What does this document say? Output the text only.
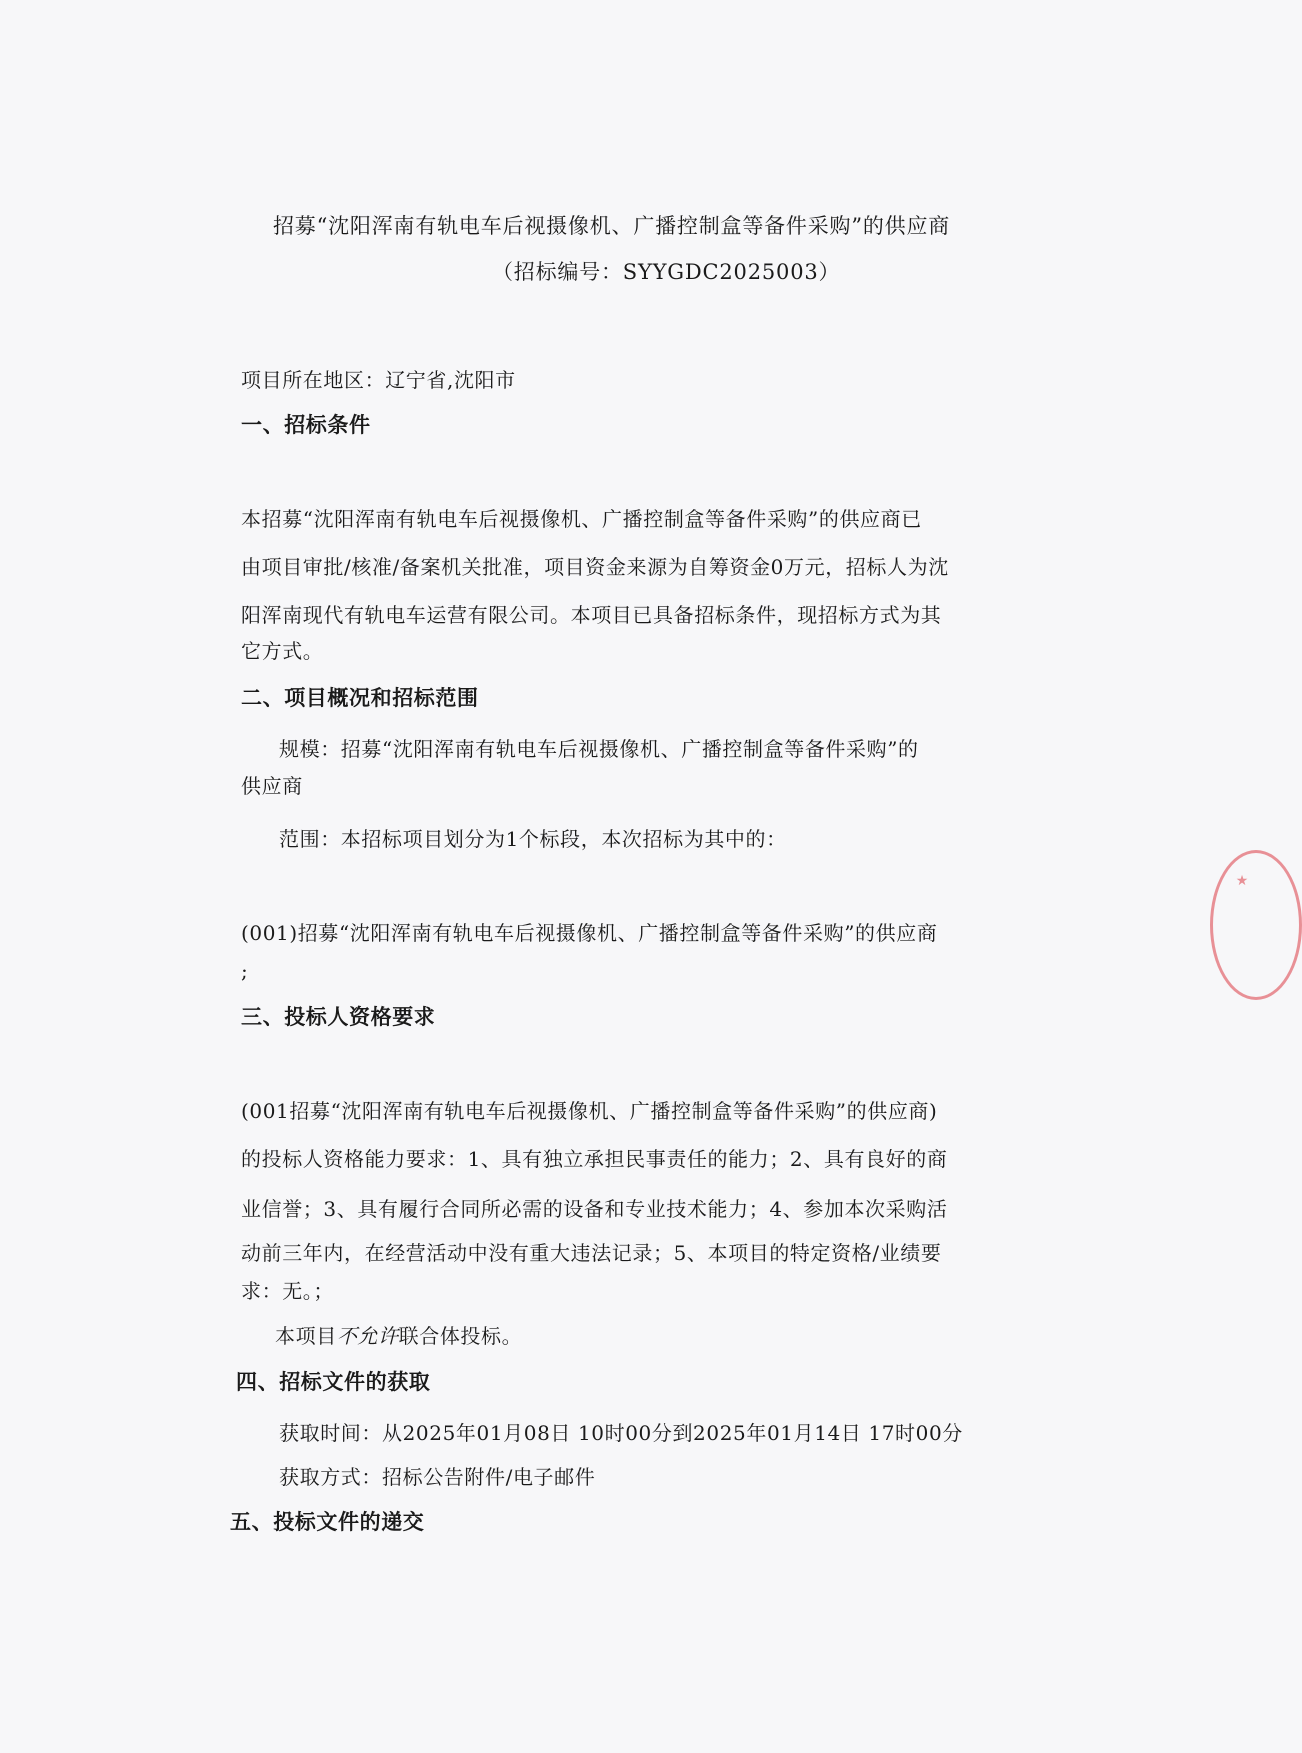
招募“沈阳浑南有轨电车后视摄像机、广播控制盒等备件采购”的供应商
（招标编号：SYYGDC2025003）
项目所在地区：辽宁省,沈阳市
一、招标条件
本招募“沈阳浑南有轨电车后视摄像机、广播控制盒等备件采购”的供应商已
由项目审批/核准/备案机关批准，项目资金来源为自筹资金0万元，招标人为沈
阳浑南现代有轨电车运营有限公司。本项目已具备招标条件，现招标方式为其
它方式。
二、项目概况和招标范围
规模：招募“沈阳浑南有轨电车后视摄像机、广播控制盒等备件采购”的
供应商
范围：本招标项目划分为1个标段，本次招标为其中的：
(001)招募“沈阳浑南有轨电车后视摄像机、广播控制盒等备件采购”的供应商
;
三、投标人资格要求
(001招募“沈阳浑南有轨电车后视摄像机、广播控制盒等备件采购”的供应商)
的投标人资格能力要求：1、具有独立承担民事责任的能力；2、具有良好的商
业信誉；3、具有履行合同所必需的设备和专业技术能力；4、参加本次采购活
动前三年内，在经营活动中没有重大违法记录；5、本项目的特定资格/业绩要
求：无。；
本项目不允许联合体投标。
四、招标文件的获取
获取时间：从2025年01月08日 10时00分到2025年01月14日 17时00分
获取方式：招标公告附件/电子邮件
五、投标文件的递交
★
